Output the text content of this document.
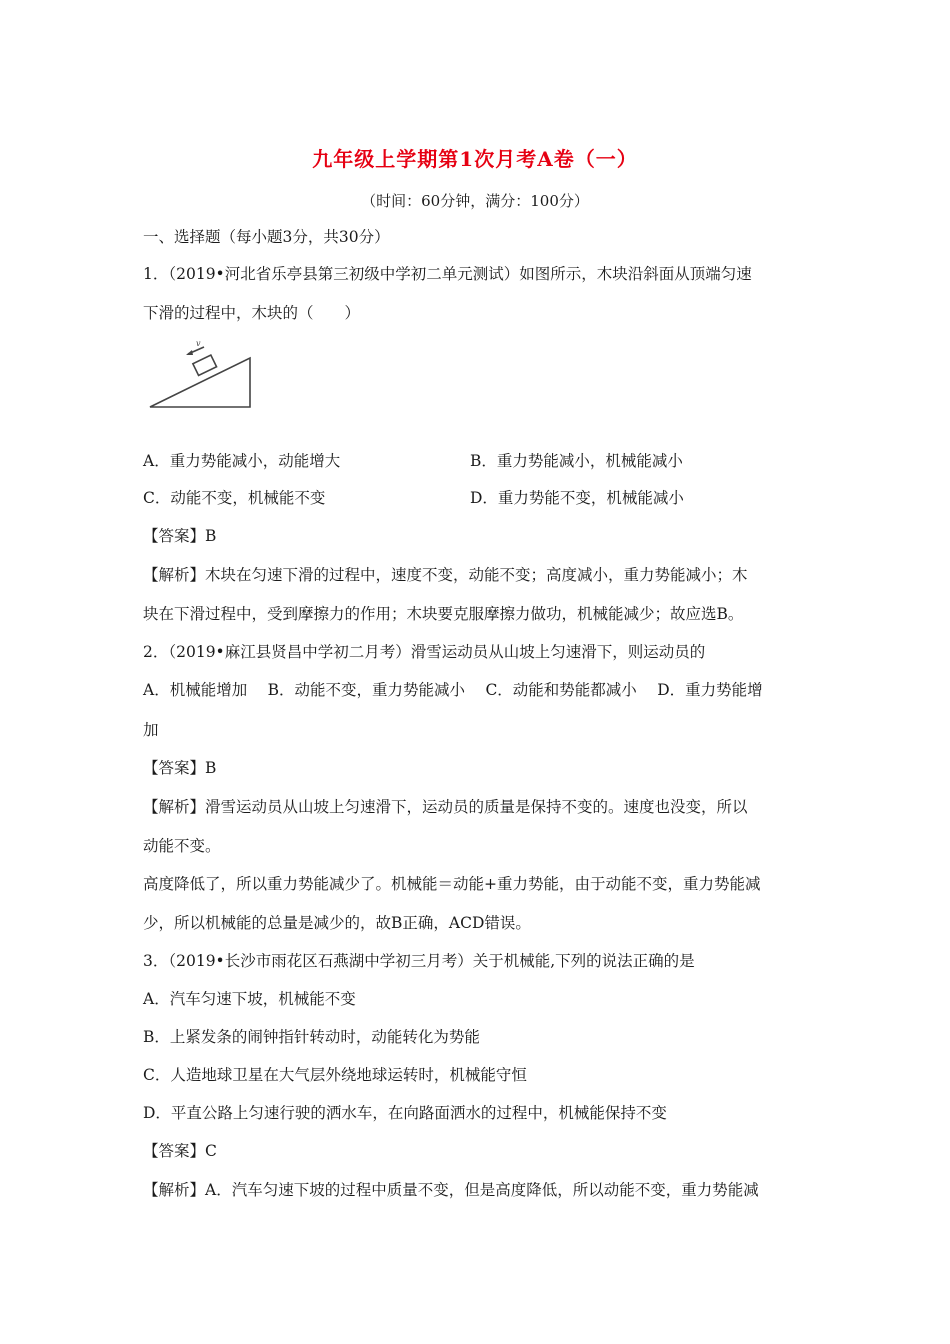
九年级上学期第1次月考A卷（一）
（时间：60分钟，满分：100分）
一、选择题（每小题3分，共30分）
1．（2019•河北省乐亭县第三初级中学初二单元测试）如图所示，木块沿斜面从顶端匀速
下滑的过程中，木块的（　　）
v
A．重力势能减小，动能增大	B．重力势能减小，机械能减小
C．动能不变，机械能不变	D．重力势能不变，机械能减小
【答案】B
【解析】木块在匀速下滑的过程中，速度不变，动能不变；高度减小，重力势能减小；木
块在下滑过程中，受到摩擦力的作用；木块要克服摩擦力做功，机械能减少；故应选B。
2．（2019•麻江县贤昌中学初二月考）滑雪运动员从山坡上匀速滑下，则运动员的
A．机械能增加　 B．动能不变，重力势能减小　 C．动能和势能都减小　 D．重力势能增
加
【答案】B
【解析】滑雪运动员从山坡上匀速滑下，运动员的质量是保持不变的。速度也没变，所以
动能不变。
高度降低了，所以重力势能减少了。机械能＝动能+重力势能，由于动能不变，重力势能减
少，所以机械能的总量是减少的，故B正确，ACD错误。
3．（2019•长沙市雨花区石燕湖中学初三月考）关于机械能,下列的说法正确的是
A．汽车匀速下坡，机械能不变
B．上紧发条的闹钟指针转动时，动能转化为势能
C．人造地球卫星在大气层外绕地球运转时，机械能守恒
D．平直公路上匀速行驶的洒水车，在向路面洒水的过程中，机械能保持不变
【答案】C
【解析】A．汽车匀速下坡的过程中质量不变，但是高度降低，所以动能不变，重力势能减
